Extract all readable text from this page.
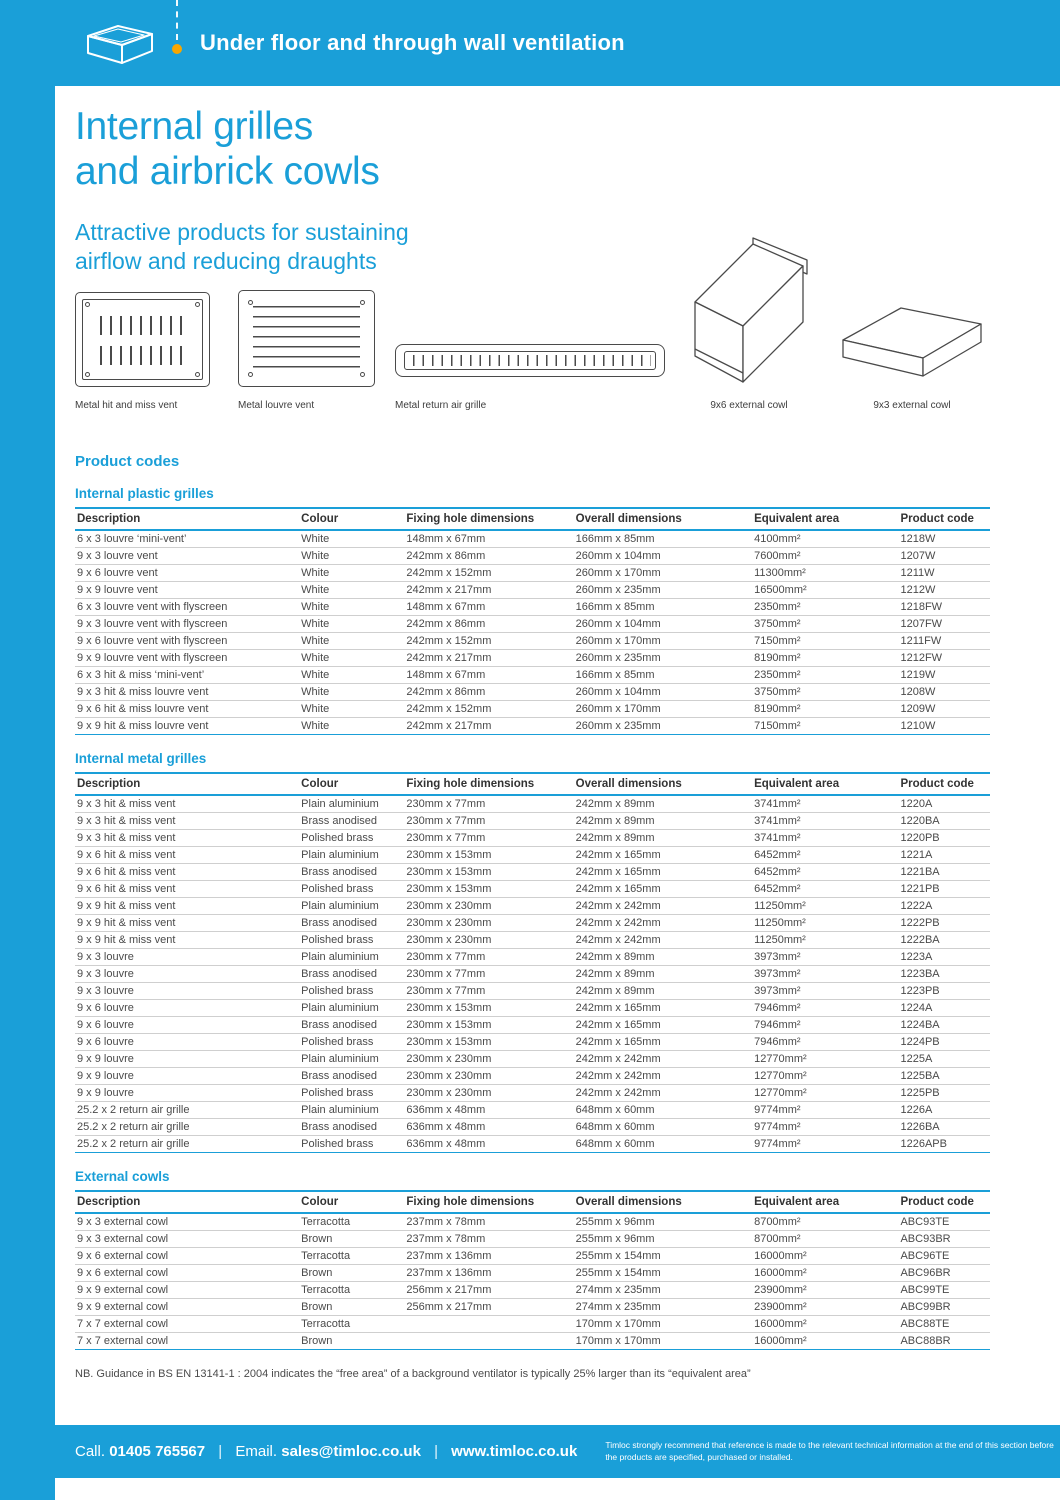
Under floor and through wall ventilation
Internal grilles
and airbrick cowls

Attractive products for sustaining
airflow and reducing draughts

Metal hit and miss vent	Metal louvre vent	Metal return air grille	9x6 external cowl	9x3 external cowl
Product codes
Internal plastic grilles
Description	Colour	Fixing hole dimensions	Overall dimensions	Equivalent area	Product code
6 x 3 louvre ‘mini-vent’	White	148mm x 67mm	166mm x 85mm	4100mm²	1218W
9 x 3 louvre vent	White	242mm x 86mm	260mm x 104mm	7600mm²	1207W
9 x 6 louvre vent	White	242mm x 152mm	260mm x 170mm	11300mm²	1211W
9 x 9 louvre vent	White	242mm x 217mm	260mm x 235mm	16500mm²	1212W
6 x 3 louvre vent with flyscreen	White	148mm x 67mm	166mm x 85mm	2350mm²	1218FW
9 x 3 louvre vent with flyscreen	White	242mm x 86mm	260mm x 104mm	3750mm²	1207FW
9 x 6 louvre vent with flyscreen	White	242mm x 152mm	260mm x 170mm	7150mm²	1211FW
9 x 9 louvre vent with flyscreen	White	242mm x 217mm	260mm x 235mm	8190mm²	1212FW
6 x 3 hit & miss ‘mini-vent’	White	148mm x 67mm	166mm x 85mm	2350mm²	1219W
9 x 3 hit & miss louvre vent	White	242mm x 86mm	260mm x 104mm	3750mm²	1208W
9 x 6 hit & miss louvre vent	White	242mm x 152mm	260mm x 170mm	8190mm²	1209W
9 x 9 hit & miss louvre vent	White	242mm x 217mm	260mm x 235mm	7150mm²	1210W
Internal metal grilles
Description	Colour	Fixing hole dimensions	Overall dimensions	Equivalent area	Product code
9 x 3 hit & miss vent	Plain aluminium	230mm x 77mm	242mm x 89mm	3741mm²	1220A
9 x 3 hit & miss vent	Brass anodised	230mm x 77mm	242mm x 89mm	3741mm²	1220BA
9 x 3 hit & miss vent	Polished brass	230mm x 77mm	242mm x 89mm	3741mm²	1220PB
9 x 6 hit & miss vent	Plain aluminium	230mm x 153mm	242mm x 165mm	6452mm²	1221A
9 x 6 hit & miss vent	Brass anodised	230mm x 153mm	242mm x 165mm	6452mm²	1221BA
9 x 6 hit & miss vent	Polished brass	230mm x 153mm	242mm x 165mm	6452mm²	1221PB
9 x 9 hit & miss vent	Plain aluminium	230mm x 230mm	242mm x 242mm	11250mm²	1222A
9 x 9 hit & miss vent	Brass anodised	230mm x 230mm	242mm x 242mm	11250mm²	1222PB
9 x 9 hit & miss vent	Polished brass	230mm x 230mm	242mm x 242mm	11250mm²	1222BA
9 x 3 louvre	Plain aluminium	230mm x 77mm	242mm x 89mm	3973mm²	1223A
9 x 3 louvre	Brass anodised	230mm x 77mm	242mm x 89mm	3973mm²	1223BA
9 x 3 louvre	Polished brass	230mm x 77mm	242mm x 89mm	3973mm²	1223PB
9 x 6 louvre	Plain aluminium	230mm x 153mm	242mm x 165mm	7946mm²	1224A
9 x 6 louvre	Brass anodised	230mm x 153mm	242mm x 165mm	7946mm²	1224BA
9 x 6 louvre	Polished brass	230mm x 153mm	242mm x 165mm	7946mm²	1224PB
9 x 9 louvre	Plain aluminium	230mm x 230mm	242mm x 242mm	12770mm²	1225A
9 x 9 louvre	Brass anodised	230mm x 230mm	242mm x 242mm	12770mm²	1225BA
9 x 9 louvre	Polished brass	230mm x 230mm	242mm x 242mm	12770mm²	1225PB
25.2 x 2 return air grille	Plain aluminium	636mm x 48mm	648mm x 60mm	9774mm²	1226A
25.2 x 2 return air grille	Brass anodised	636mm x 48mm	648mm x 60mm	9774mm²	1226BA
25.2 x 2 return air grille	Polished brass	636mm x 48mm	648mm x 60mm	9774mm²	1226APB
External cowls
Description	Colour	Fixing hole dimensions	Overall dimensions	Equivalent area	Product code
9 x 3 external cowl	Terracotta	237mm x 78mm	255mm x 96mm	8700mm²	ABC93TE
9 x 3 external cowl	Brown	237mm x 78mm	255mm x 96mm	8700mm²	ABC93BR
9 x 6 external cowl	Terracotta	237mm x 136mm	255mm x 154mm	16000mm²	ABC96TE
9 x 6 external cowl	Brown	237mm x 136mm	255mm x 154mm	16000mm²	ABC96BR
9 x 9 external cowl	Terracotta	256mm x 217mm	274mm x 235mm	23900mm²	ABC99TE
9 x 9 external cowl	Brown	256mm x 217mm	274mm x 235mm	23900mm²	ABC99BR
7 x 7 external cowl	Terracotta		170mm x 170mm	16000mm²	ABC88TE
7 x 7 external cowl	Brown		170mm x 170mm	16000mm²	ABC88BR

NB. Guidance in BS EN 13141-1 : 2004 indicates the “free area” of a background ventilator is typically 25% larger than its “equivalent area”

Call. 01405 765567 | Email. sales@timloc.co.uk | www.timloc.co.uk	Timloc strongly recommend that reference is made to the relevant technical information at the end of this section before the products are specified, purchased or installed.
